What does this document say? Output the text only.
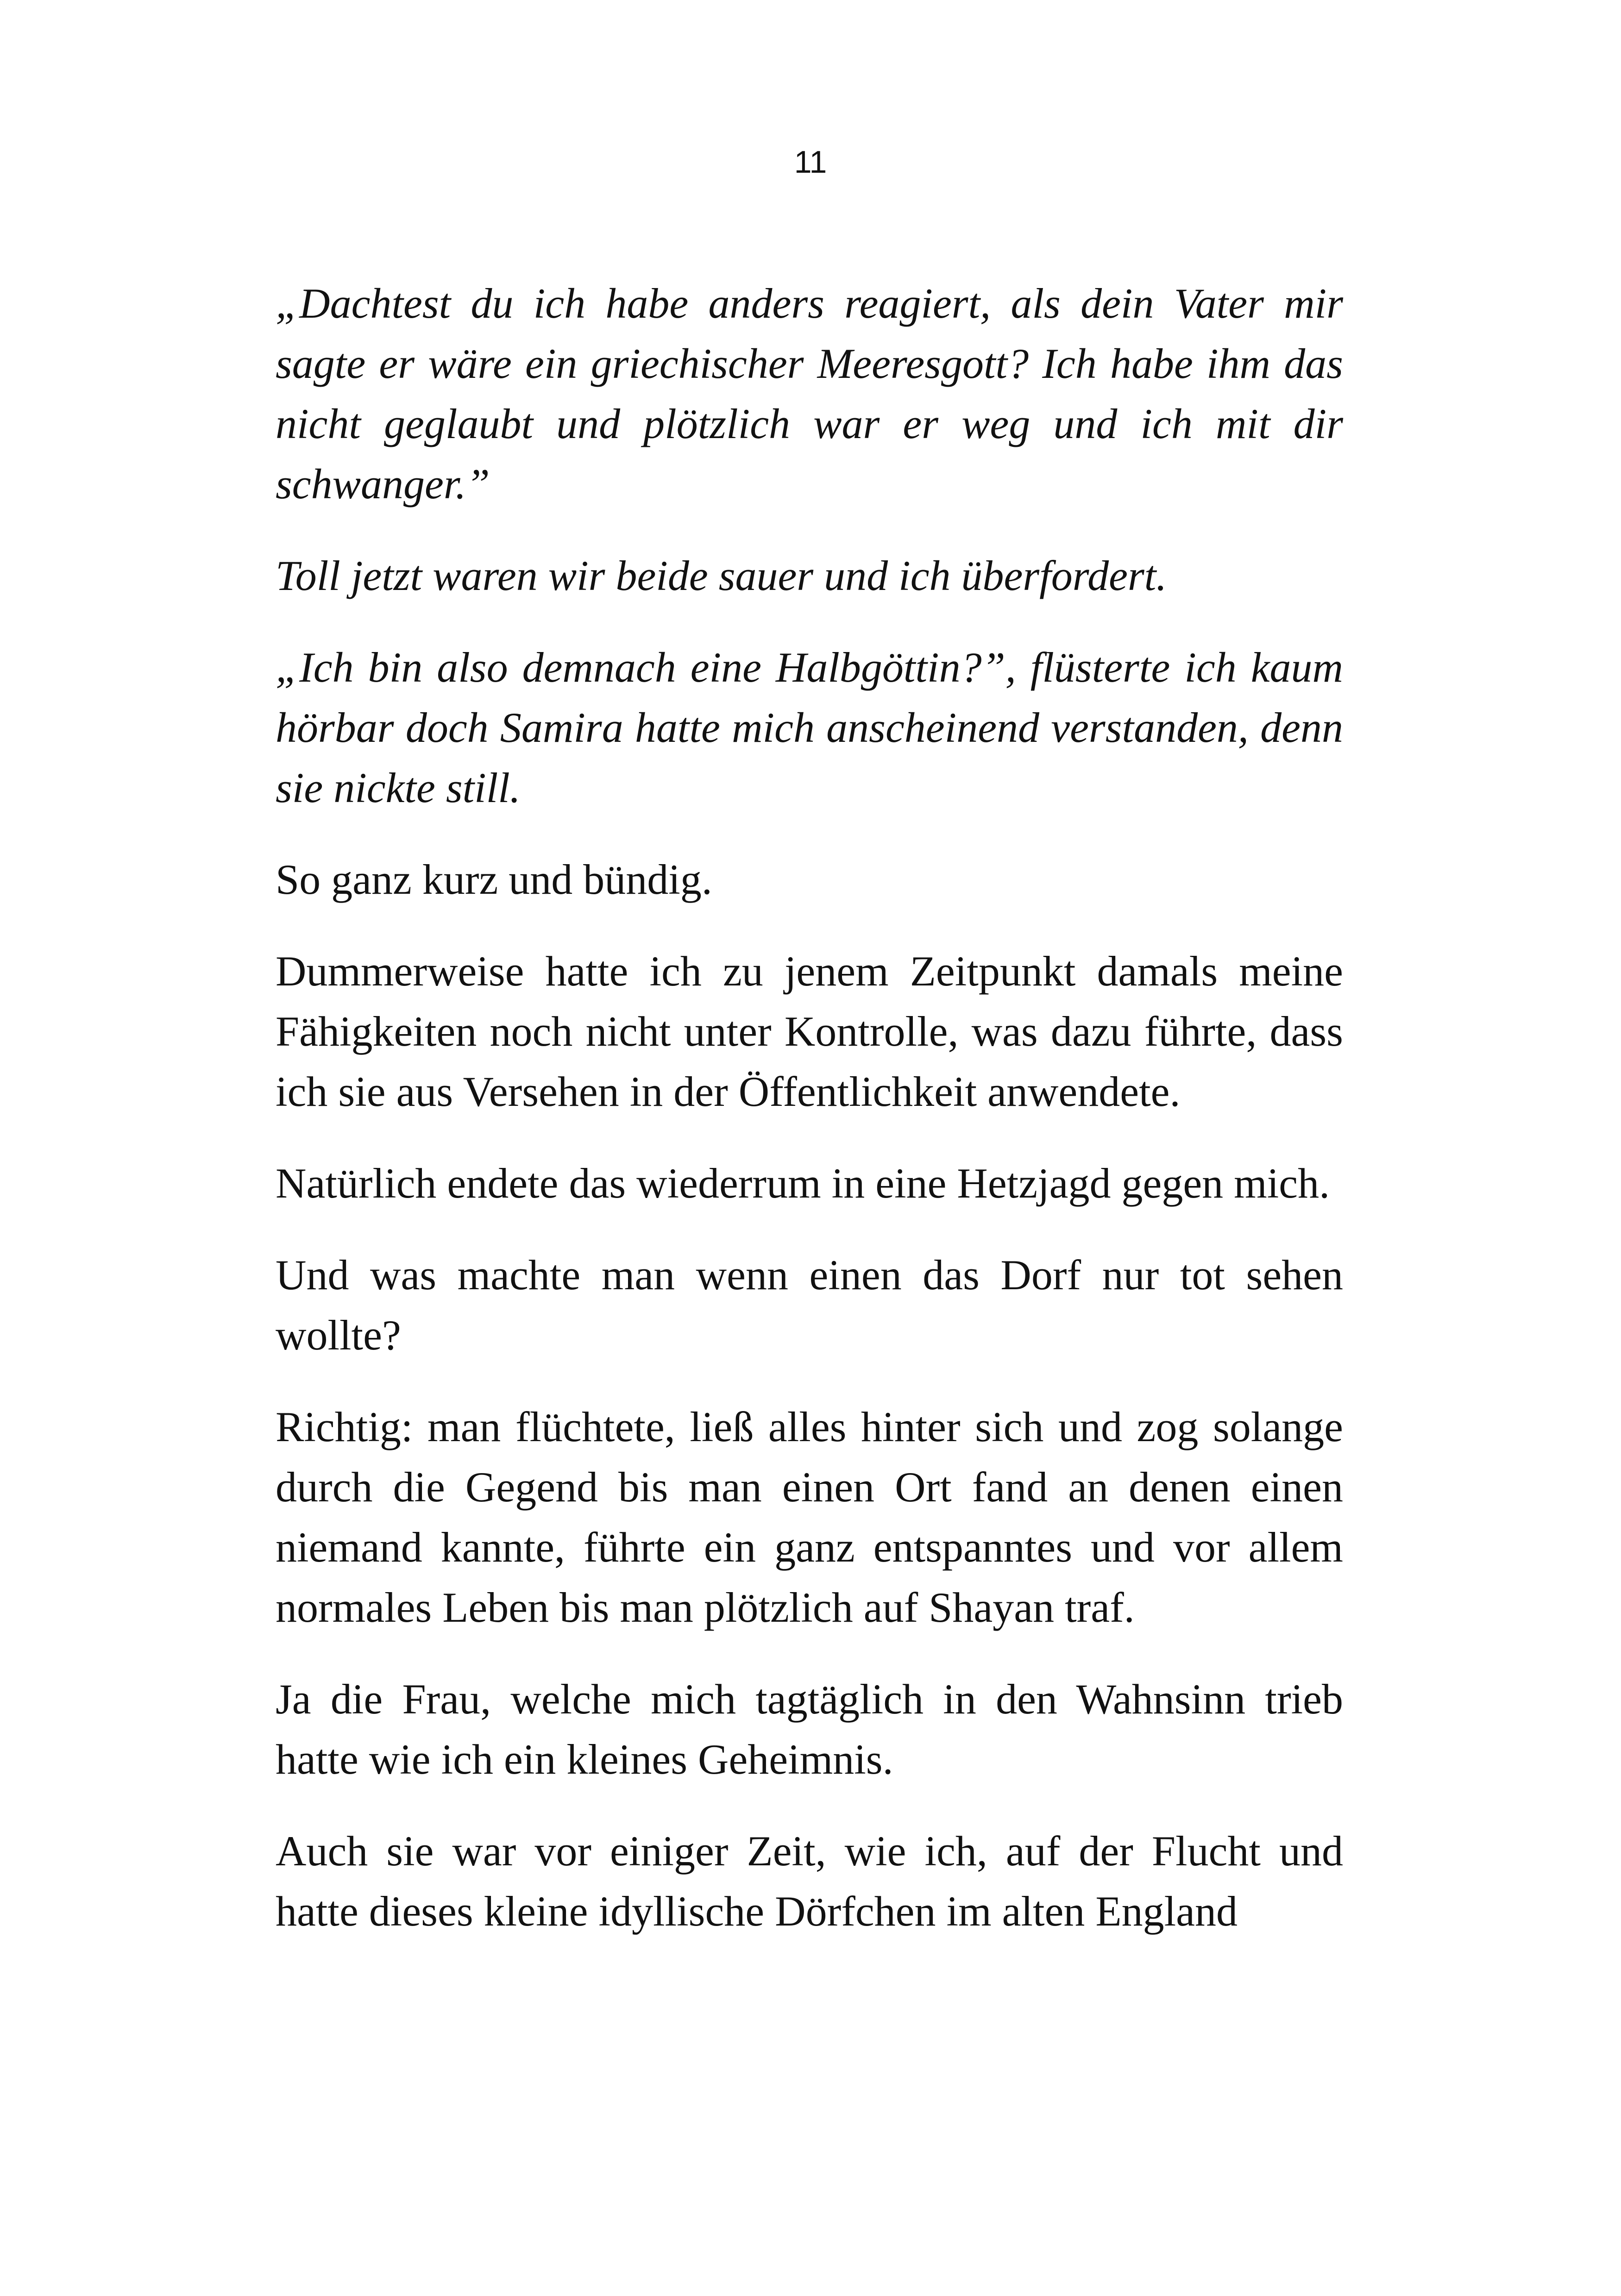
11

„Dachtest du ich habe anders reagiert, als dein Vater mir sagte er wäre ein griechischer Meeresgott? Ich habe ihm das nicht geglaubt und plötzlich war er weg und ich mit dir schwanger.”

Toll jetzt waren wir beide sauer und ich überfordert.

„Ich bin also demnach eine Halbgöttin?”, flüsterte ich kaum hörbar doch Samira hatte mich anscheinend verstanden, denn sie nickte still.

So ganz kurz und bündig.

Dummerweise hatte ich zu jenem Zeitpunkt damals meine Fähigkeiten noch nicht unter Kontrolle, was dazu führte, dass ich sie aus Versehen in der Öffentlichkeit anwendete.

Natürlich endete das wiederrum in eine Hetzjagd gegen mich.

Und was machte man wenn einen das Dorf nur tot sehen wollte?

Richtig: man flüchtete, ließ alles hinter sich und zog solange durch die Gegend bis man einen Ort fand an denen einen niemand kannte, führte ein ganz entspanntes und vor allem normales Leben bis man plötzlich auf Shayan traf.

Ja die Frau, welche mich tagtäglich in den Wahnsinn trieb hatte wie ich ein kleines Geheimnis.

Auch sie war vor einiger Zeit, wie ich, auf der Flucht und hatte dieses kleine idyllische Dörfchen im alten England
